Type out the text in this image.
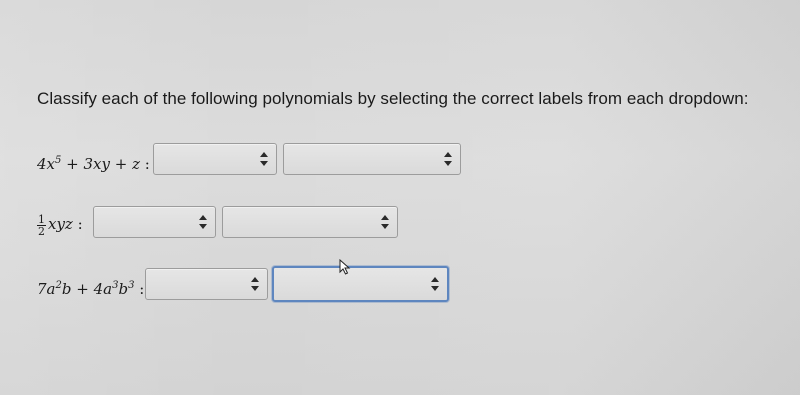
Classify each of the following polynomials by selecting the correct labels from each dropdown:
$4x^5 + 3xy + z$ :
$\frac{1}{2}$ xyz :
$7a^2b + 4a^3b^3$ :
